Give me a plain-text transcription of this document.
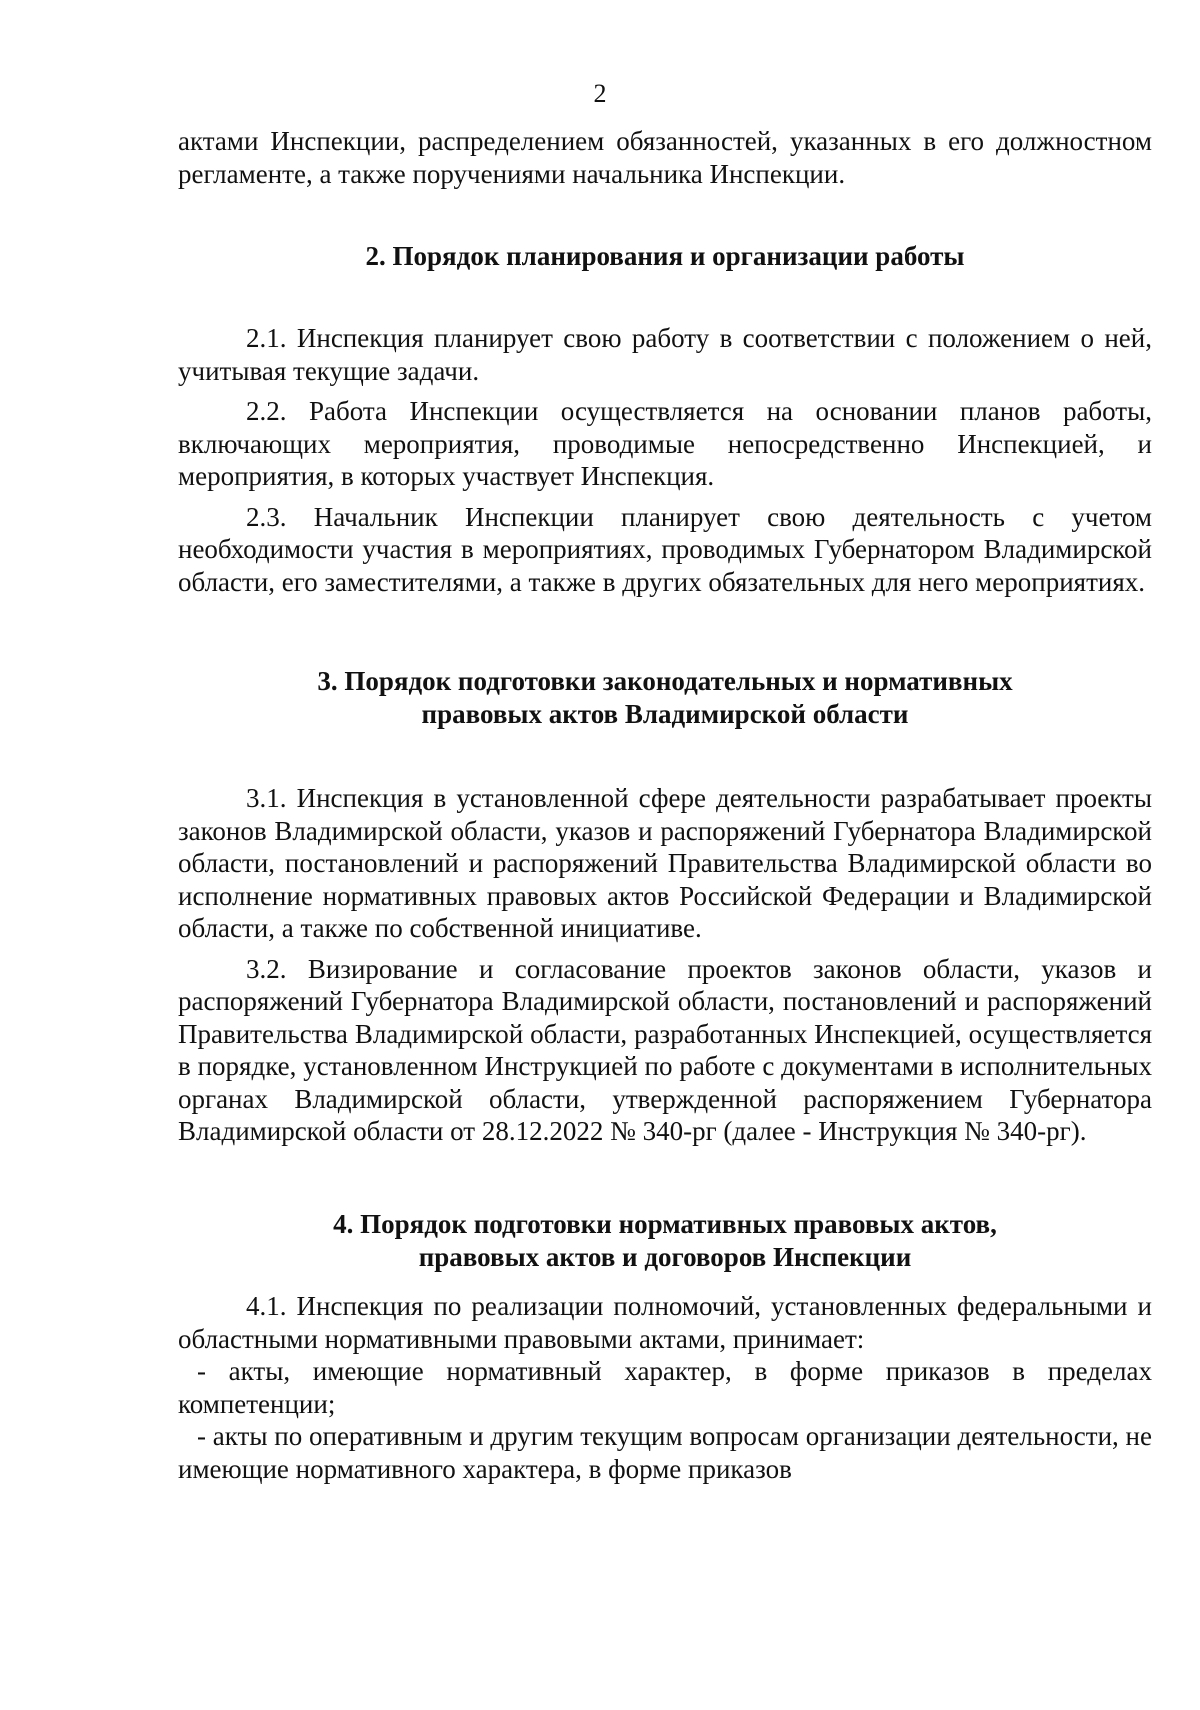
2

актами Инспекции, распределением обязанностей, указанных в его должностном регламенте, а также поручениями начальника Инспекции.

2. Порядок планирования и организации работы

2.1. Инспекция планирует свою работу в соответствии с положением о ней, учитывая текущие задачи.

2.2. Работа Инспекции осуществляется на основании планов работы, включающих мероприятия, проводимые непосредственно Инспекцией, и мероприятия, в которых участвует Инспекция.

2.3. Начальник Инспекции планирует свою деятельность с учетом необходимости участия в мероприятиях, проводимых Губернатором Владимирской области, его заместителями, а также в других обязательных для него мероприятиях.

3. Порядок подготовки законодательных и нормативных
правовых актов Владимирской области

3.1. Инспекция в установленной сфере деятельности разрабатывает проекты законов Владимирской области, указов и распоряжений Губернатора Владимирской области, постановлений и распоряжений Правительства Владимирской области во исполнение нормативных правовых актов Российской Федерации и Владимирской области, а также по собственной инициативе.

3.2. Визирование и согласование проектов законов области, указов и распоряжений Губернатора Владимирской области, постановлений и распоряжений Правительства Владимирской области, разработанных Инспекцией, осуществляется в порядке, установленном Инструкцией по работе с документами в исполнительных органах Владимирской области, утвержденной распоряжением Губернатора Владимирской области от 28.12.2022 № 340-рг (далее - Инструкция № 340-рг).

4. Порядок подготовки нормативных правовых актов,
правовых актов и договоров Инспекции

4.1. Инспекция по реализации полномочий, установленных федеральными и областными нормативными правовыми актами, принимает:

- акты, имеющие нормативный характер, в форме приказов в пределах компетенции;

- акты по оперативным и другим текущим вопросам организации деятельности, не имеющие нормативного характера, в форме приказов
